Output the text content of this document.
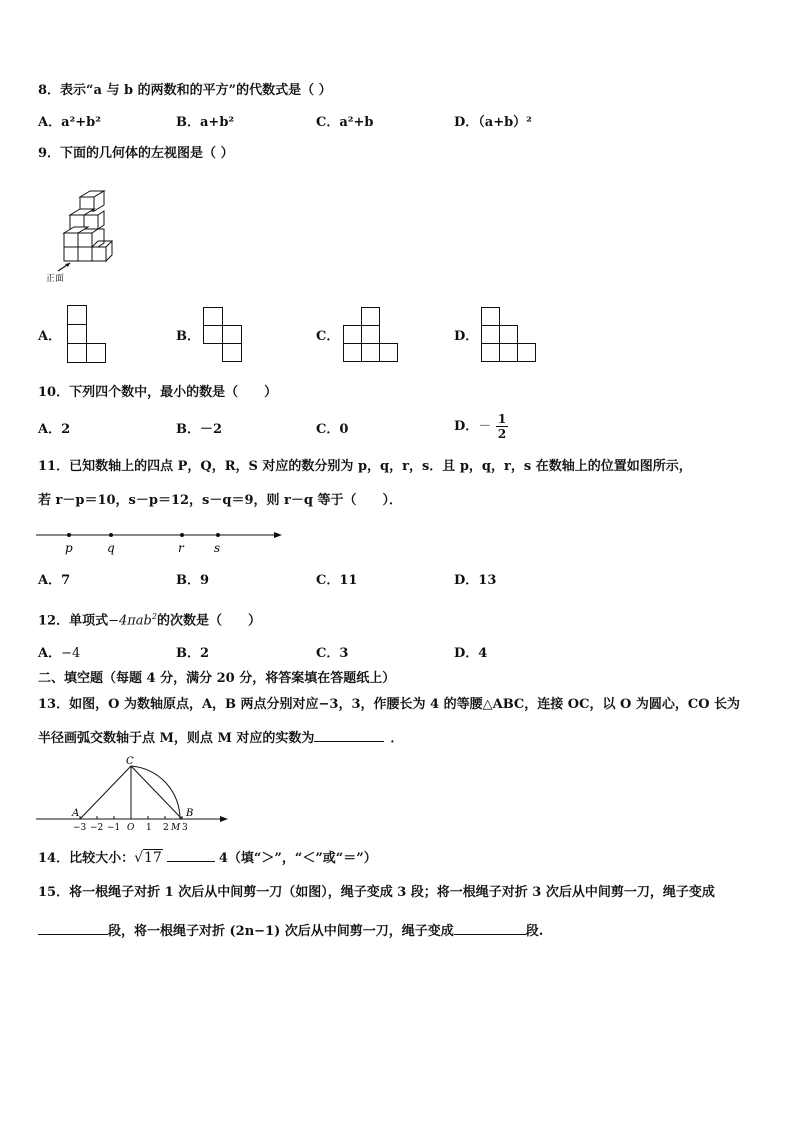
8．表示“a 与 b 的两数和的平方”的代数式是（ ）
A．a²+b²	B．a+b²	C．a²+b	D．（a+b）²
9．下面的几何体的左视图是（ ）
正面
A．	B．	C．	D．
10．下列四个数中，最小的数是（　　）
A．2	B．－2	C．0	D．－ $\frac{1}{2}$
11．已知数轴上的四点 P，Q，R，S 对应的数分别为 p，q，r，s．且 p，q，r，s 在数轴上的位置如图所示，
若 r－p＝10，s－p＝12，s－q＝9，则 r－q 等于（　　）．
p	q	r	s
A．7	B．9	C．11	D．13
12．单项式−4πab$^2$的次数是（　　）
A．−4	B．2	C．3	D．4
二、填空题（每题 4 分，满分 20 分，将答案填在答题纸上）
13．如图，O 为数轴原点，A，B 两点分别对应−3，3，作腰长为 4 的等腰△ABC，连接 OC，以 O 为圆心，CO 长为
半径画弧交数轴于点 M，则点 M 对应的实数为	．
C
A	B
−3 −2 −1 O 1 2 M 3
14．比较大小：√17	4（填“＞”，“＜”或“＝”）
15．将一根绳子对折 1 次后从中间剪一刀（如图），绳子变成 3 段；将一根绳子对折 3 次后从中间剪一刀，绳子变成
段，将一根绳子对折 (2n−1) 次后从中间剪一刀，绳子变成	段.
